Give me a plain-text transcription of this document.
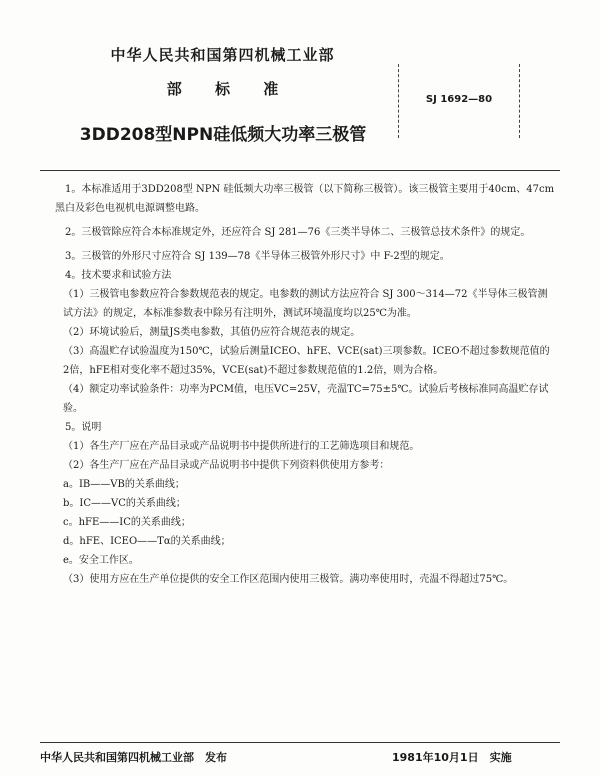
中华人民共和国第四机械工业部
部 标 准
3DD208型NPN硅低频大功率三极管
SJ 1692—80

1。本标准适用于3DD208型 NPN 硅低频大功率三极管（以下简称三极管）。该三极管主要用于40cm、47cm 黑白及彩色电视机电源调整电路。

2。三极管除应符合本标准规定外，还应符合 SJ 281—76《三类半导体二、三极管总技术条件》的规定。

3。三极管的外形尺寸应符合 SJ 139—78《半导体三极管外形尺寸》中 F-2型的规定。

4。技术要求和试验方法

（1）三极管电参数应符合参数规范表的规定。电参数的测试方法应符合 SJ 300～314—72《半导体三极管测试方法》的规定，本标准参数表中除另有注明外，测试环境温度均以25℃为准。

（2）环境试验后，测量JS类电参数，其值仍应符合规范表的规定。

（3）高温贮存试验温度为150℃，试验后测量ICEO、hFE、VCE(sat)三项参数。ICEO不超过参数规范值的2倍，hFE相对变化率不超过35%，VCE(sat)不超过参数规范值的1.2倍，则为合格。

（4）额定功率试验条件：功率为PCM值，电压VC=25V，壳温TC=75±5℃。试验后考核标准同高温贮存试验。

5。说明

（1）各生产厂应在产品目录或产品说明书中提供所进行的工艺筛选项目和规范。

（2）各生产厂应在产品目录或产品说明书中提供下列资料供使用方参考：

a。IB——VB的关系曲线；

b。IC——VC的关系曲线；

c。hFE——IC的关系曲线；

d。hFE、ICEO——Tα的关系曲线；

e。安全工作区。

（3）使用方应在生产单位提供的安全工作区范围内使用三极管。满功率使用时，壳温不得超过75℃。

中华人民共和国第四机械工业部　发布	1981年10月1日　实施
